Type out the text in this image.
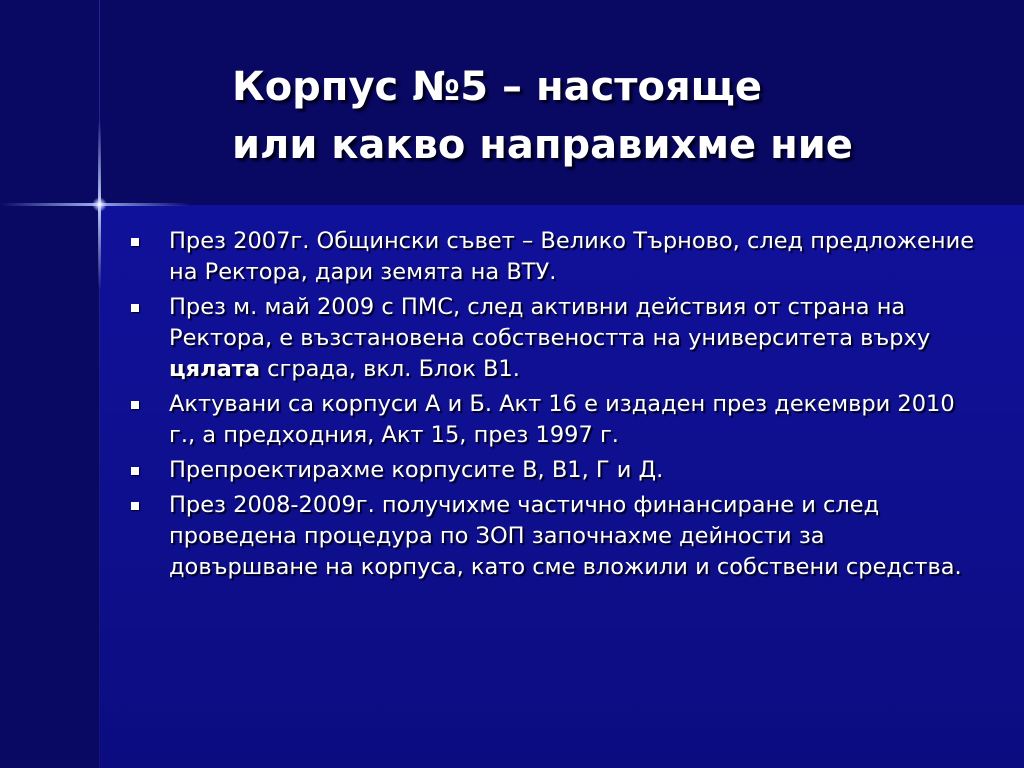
Корпус №5 – настояще
или какво направихме ние
През 2007г. Общински съвет – Велико Търново, след предложение на Ректора, дари земята на ВТУ.
През м. май 2009 с ПМС, след активни действия от страна на Ректора, е възстановена собствеността на университета върху цялата сграда, вкл. Блок В1.
Актувани са корпуси А и Б. Акт 16 е издаден през декември 2010 г., а предходния, Акт 15, през 1997 г.
Препроектирахме корпусите В, В1, Г и Д.
През 2008-2009г. получихме частично финансиране и след проведена процедура по ЗОП започнахме дейности за довършване на корпуса, като сме вложили и собствени средства.
